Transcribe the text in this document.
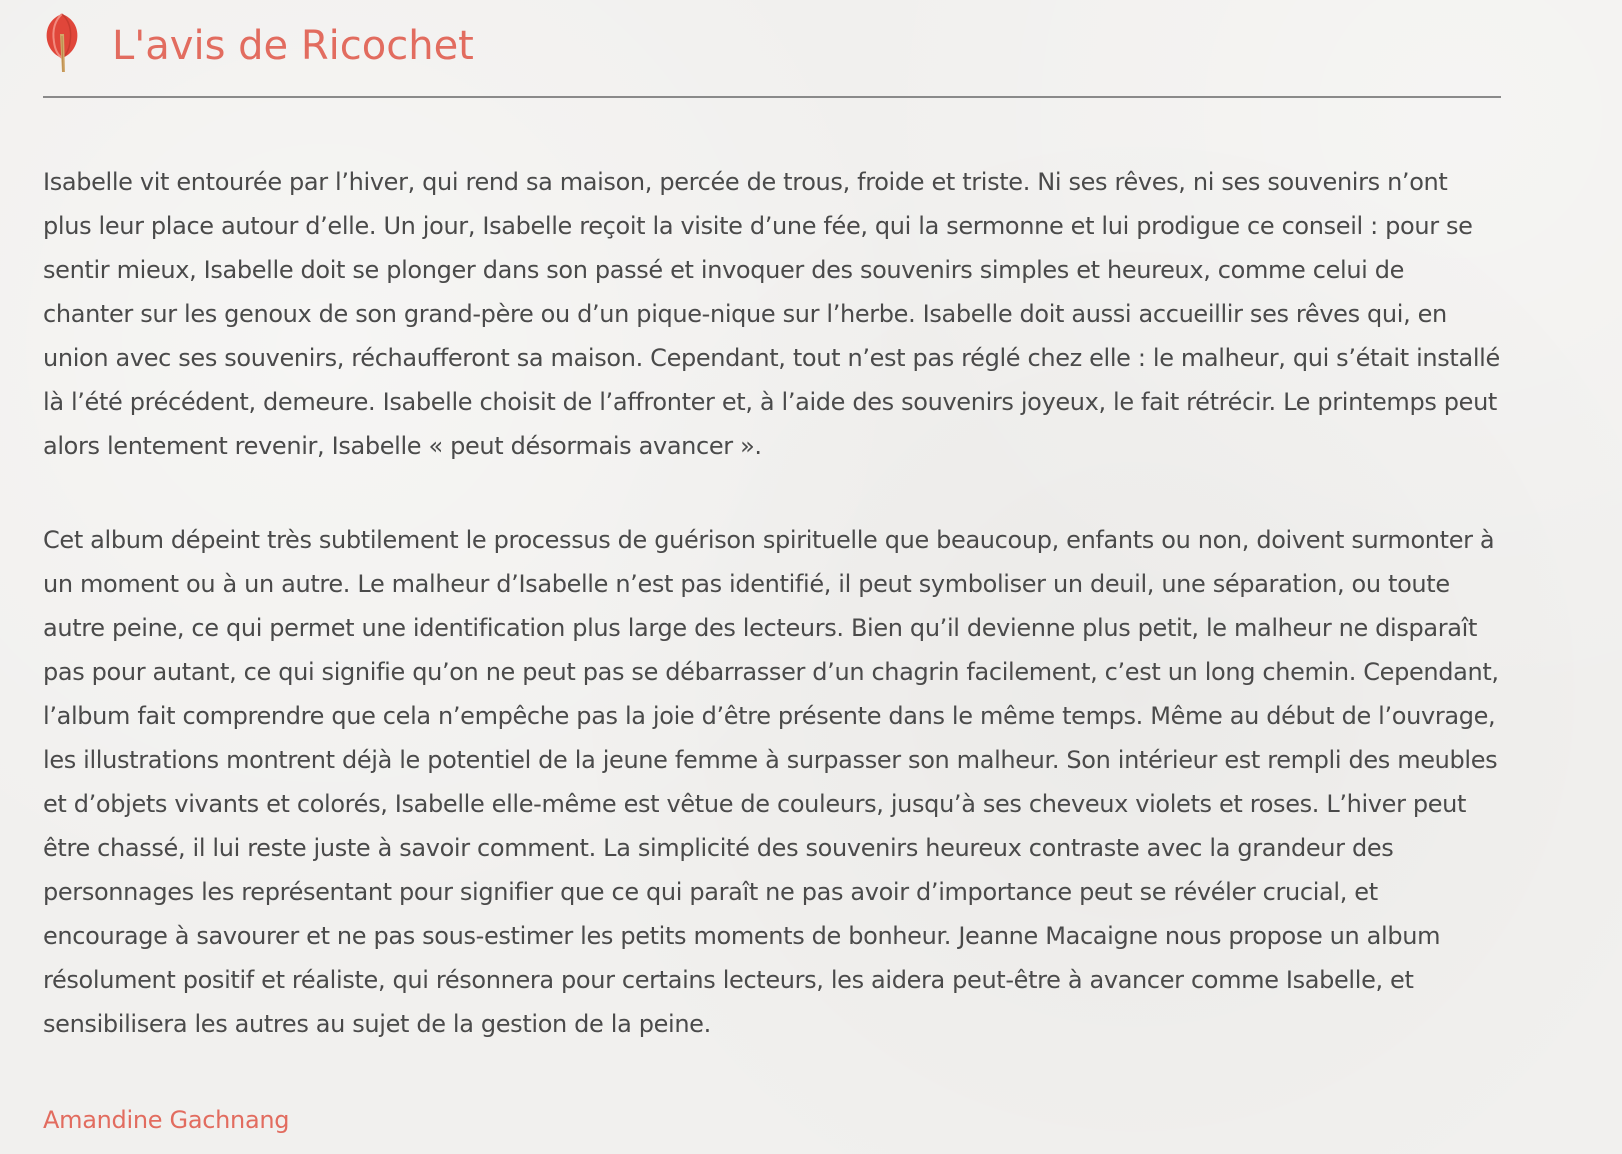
L'avis de Ricochet

Isabelle vit entourée par l’hiver, qui rend sa maison, percée de trous, froide et triste. Ni ses rêves, ni ses souvenirs n’ont plus leur place autour d’elle. Un jour, Isabelle reçoit la visite d’une fée, qui la sermonne et lui prodigue ce conseil : pour se sentir mieux, Isabelle doit se plonger dans son passé et invoquer des souvenirs simples et heureux, comme celui de chanter sur les genoux de son grand-père ou d’un pique-nique sur l’herbe. Isabelle doit aussi accueillir ses rêves qui, en union avec ses souvenirs, réchaufferont sa maison. Cependant, tout n’est pas réglé chez elle : le malheur, qui s’était installé là l’été précédent, demeure. Isabelle choisit de l’affronter et, à l’aide des souvenirs joyeux, le fait rétrécir. Le printemps peut alors lentement revenir, Isabelle « peut désormais avancer ».

Cet album dépeint très subtilement le processus de guérison spirituelle que beaucoup, enfants ou non, doivent surmonter à un moment ou à un autre. Le malheur d’Isabelle n’est pas identifié, il peut symboliser un deuil, une séparation, ou toute autre peine, ce qui permet une identification plus large des lecteurs. Bien qu’il devienne plus petit, le malheur ne disparaît pas pour autant, ce qui signifie qu’on ne peut pas se débarrasser d’un chagrin facilement, c’est un long chemin. Cependant, l’album fait comprendre que cela n’empêche pas la joie d’être présente dans le même temps. Même au début de l’ouvrage, les illustrations montrent déjà le potentiel de la jeune femme à surpasser son malheur. Son intérieur est rempli des meubles et d’objets vivants et colorés, Isabelle elle-même est vêtue de couleurs, jusqu’à ses cheveux violets et roses. L’hiver peut être chassé, il lui reste juste à savoir comment. La simplicité des souvenirs heureux contraste avec la grandeur des personnages les représentant pour signifier que ce qui paraît ne pas avoir d’importance peut se révéler crucial, et encourage à savourer et ne pas sous-estimer les petits moments de bonheur. Jeanne Macaigne nous propose un album résolument positif et réaliste, qui résonnera pour certains lecteurs, les aidera peut-être à avancer comme Isabelle, et sensibilisera les autres au sujet de la gestion de la peine.

Amandine Gachnang
